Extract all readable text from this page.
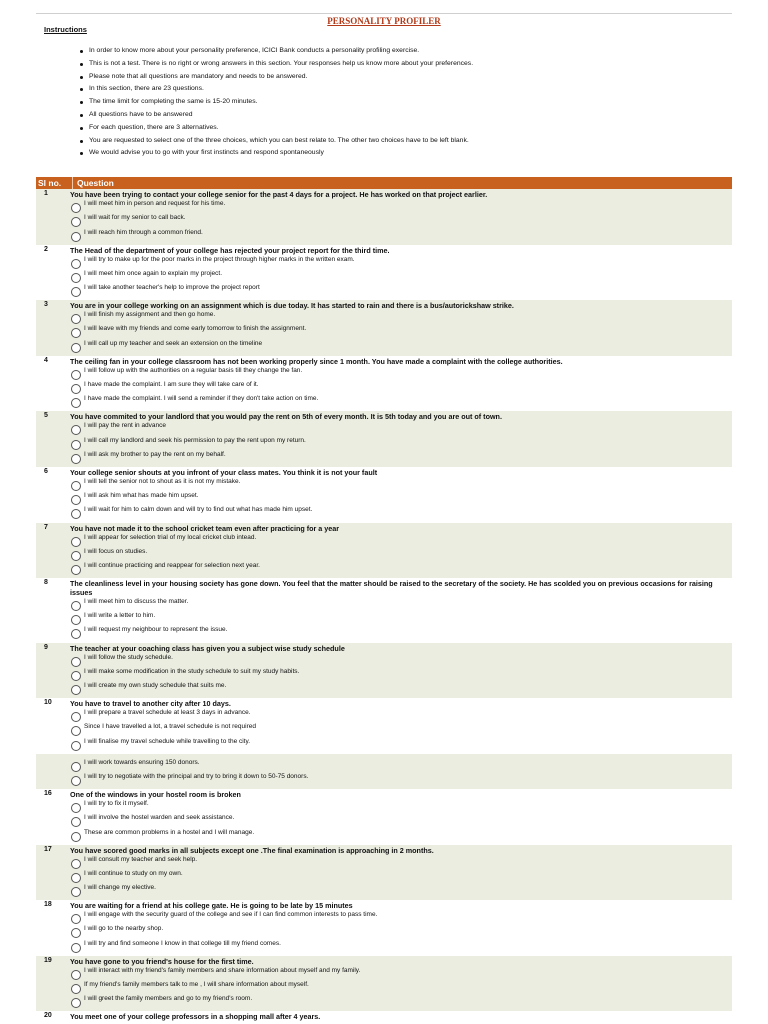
PERSONALITY PROFILER
Instructions
In order to know more about your personality preference, ICICI Bank conducts a personality profiling exercise.
This is not a test. There is no right or wrong answers in this section. Your responses help us know more about your preferences.
Please note that all questions are mandatory and needs to be answered.
In this section, there are 23 questions.
The time limit for completing the same is 15-20 minutes.
All questions have to be answered
For each question, there are 3 alternatives.
You are requested to select one of the three choices, which you can best relate to. The other two choices have to be left blank.
We would advise you to go with your first instincts and respond spontaneously
Sl no.	Question
1	You have been trying to contact your college senior for the past 4 days for a project. He has worked on that project earlier.
I will meet him in person and request for his time.
I will wait for my senior to call back.
I will reach him through a common friend.
2	The Head of the department of your college has rejected your project report for the third time.
I will try to make up for the poor marks in the project through higher marks in the written exam.
I will meet him once again to explain my project.
I will take another teacher's help to improve the project report
3	You are in your college working on an assignment which is due today. It has started to rain and there is a bus/autorickshaw strike.
I will finish my assignment and then go home.
I will leave with my friends and come early tomorrow to finish the assignment.
I will call up my teacher and seek an extension on the timeline
4	The ceiling fan in your college classroom has not been working properly since 1 month. You have made a complaint with the college authorities.
I will follow up with the authorities on a regular basis till they change the fan.
I have made the complaint. I am sure they will take care of it.
I have made the complaint. I will send a reminder if they don't take action on time.
5	You have commited to your landlord that you would pay the rent on 5th of every month. It is 5th today and you are out of town.
I will pay the rent in advance
I will call my landlord and seek his permission to pay the rent upon my return.
I will ask my brother to pay the rent on my behalf.
6	Your college senior shouts at you infront of your class mates. You think it is not your fault
I will tell the senior not to shout as it is not my mistake.
I will ask him what has made him upset.
I will wait for him to calm down and will try to find out what has made him upset.
7	You have not made it to the school cricket team even after practicing for a year
I will appear for selection trial of my local cricket club intead.
I will focus on studies.
I will continue practicing and reappear for selection next year.
8	The cleanliness level in your housing society has gone down. You feel that the matter should be raised to the secretary of the society. He has scolded you on previous occasions for raising issues
I will meet him to discuss the matter.
I will write a letter to him.
I will request my neighbour to represent the issue.
9	The teacher at your coaching class has given you a subject wise study schedule
I will follow the study schedule.
I will make some modification in the study schedule to suit my study habits.
I will create my own study schedule that suits me.
10	You have to travel to another city after 10 days.
I will prepare a travel schedule at least 3 days in advance.
Since I have travelled a lot, a travel schedule is not required
I will finalise my travel schedule while travelling to the city.
I will work towards ensuring 150 donors.
I will try to negotiate with the principal and try to bring it down to 50-75 donors.
16	One of the windows in your hostel room is broken
I will try to fix it myself.
I will involve the hostel warden and seek assistance.
These are common problems in a hostel and I will manage.
17	You have scored good marks in all subjects except one .The final examination is approaching in 2 months.
I will consult my teacher and seek help.
I will continue to study on my own.
I will change my elective.
18	You are waiting for a friend at his college gate. He is going to be late by 15 minutes
I will engage with the security guard of the college and see if I can find common interests to pass time.
I will go to the nearby shop.
I will try and find someone I know in that college till my friend comes.
19	You have gone to you friend's house for the first time.
I will interact with my friend's family members and share information about myself and my family.
If my friend's family members talk to me , I will share information about myself.
I will greet the family members and go to my friend's room.
20	You meet one of your college professors in a shopping mall after 4 years.
